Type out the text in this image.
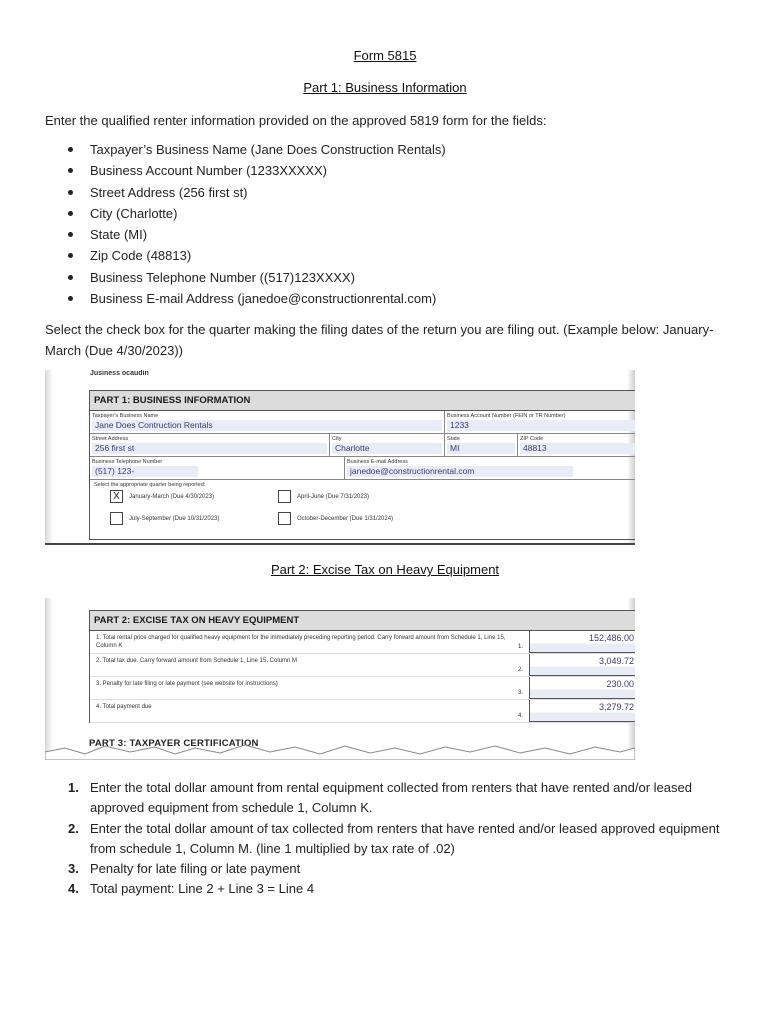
Form 5815
Part 1: Business Information
Enter the qualified renter information provided on the approved 5819 form for the fields:
Taxpayer’s Business Name (Jane Does Construction Rentals)
Business Account Number (1233XXXXX)
Street Address (256 first st)
City (Charlotte)
State (MI)
Zip Code (48813)
Business Telephone Number ((517)123XXXX)
Business E-mail Address (janedoe@constructionrental.com)
Select the check box for the quarter making the filing dates of the return you are filing out. (Example below: January-March (Due 4/30/2023))
Jusiness ocaudin
PART 1: BUSINESS INFORMATION
Taxpayer's Business Name
Jane Does Contruction Rentals
Business Account Number (FEIN or TR Number)
1233
Street Address
256 first st
City
Charlotte
State
MI
ZIP Code
48813
Business Telephone Number
(517) 123-
Business E-mail Address
janedoe@constructionrental.com
Select the appropriate quarter being reported:
X	January-March (Due 4/30/2023)	April-June (Due 7/31/2023)
July-September (Due 10/31/2023)	October-December (Due 1/31/2024)
Part 2: Excise Tax on Heavy Equipment
PART 2: EXCISE TAX ON HEAVY EQUIPMENT
1. Total rental price charged for qualified heavy equipment for the immediately preceding reporting period. Carry forward amount from Schedule 1, Line 15, Column K	1.
152,486.00
2. Total tax due. Carry forward amount from Schedule 1, Line 15, Column M
2.
3,049.72
3. Penalty for late filing or late payment (see website for instructions)
3.
230.00
4. Total payment due
4.
3,279.72
PART 3: TAXPAYER CERTIFICATION
1. Enter the total dollar amount from rental equipment collected from renters that have rented and/or leased approved equipment from schedule 1, Column K.
2. Enter the total dollar amount of tax collected from renters that have rented and/or leased approved equipment from schedule 1, Column M. (line 1 multiplied by tax rate of .02)
3. Penalty for late filing or late payment
4. Total payment: Line 2 + Line 3 = Line 4
